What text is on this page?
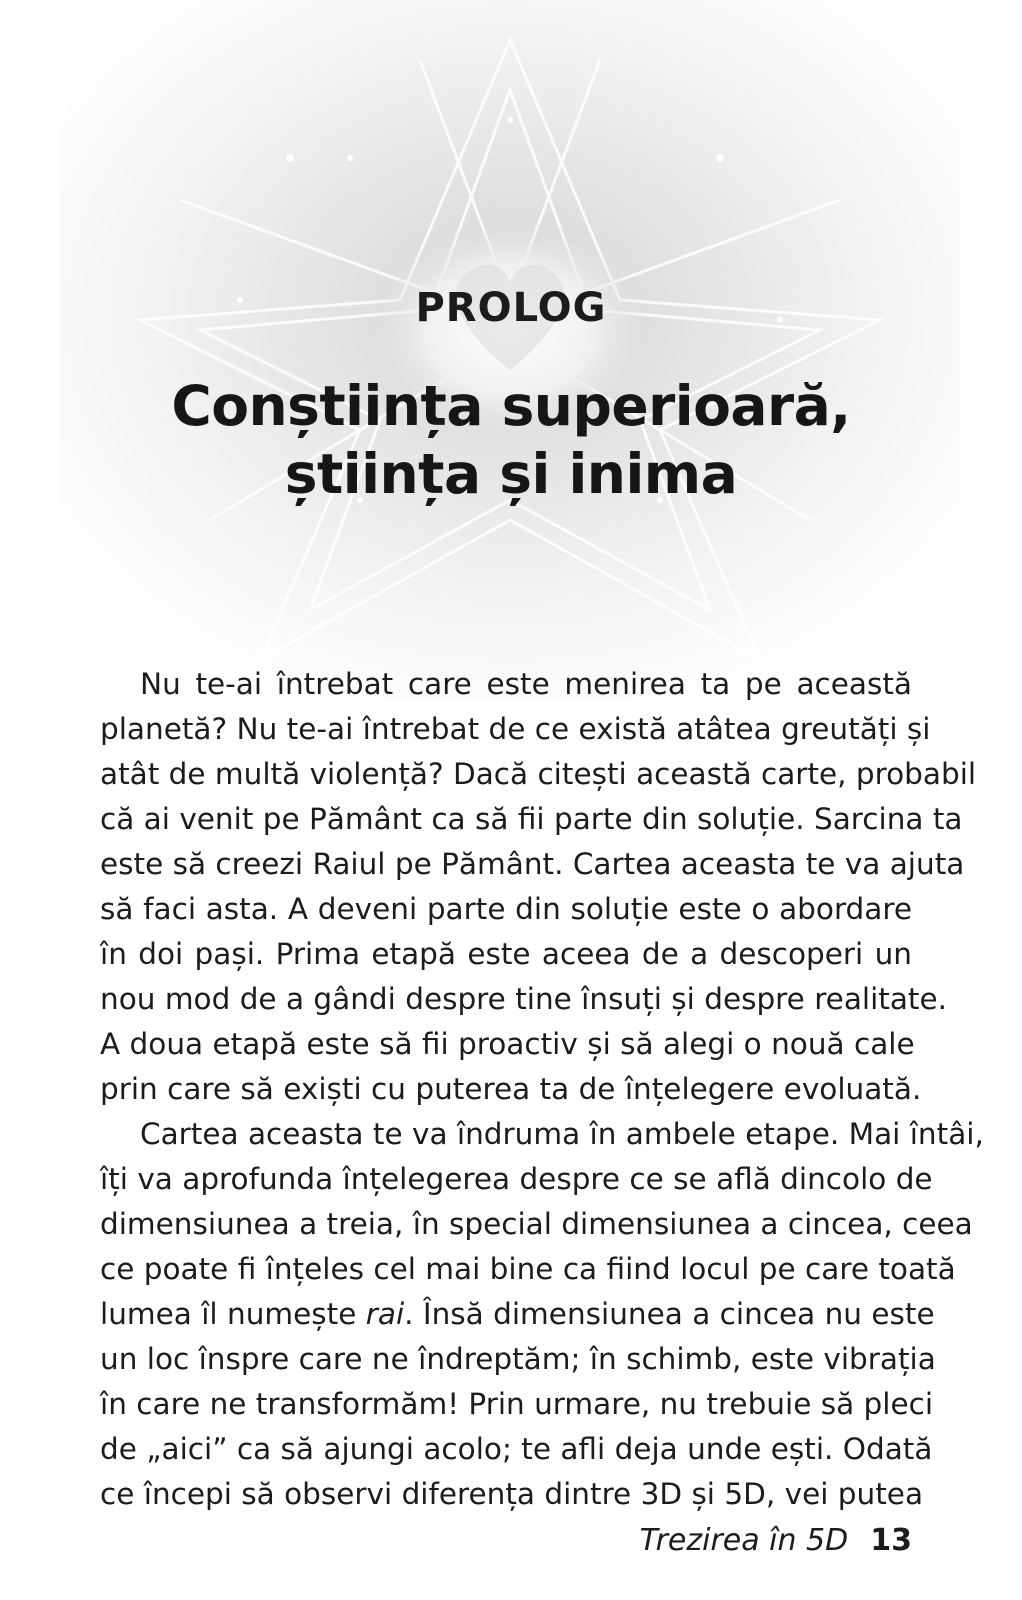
PROLOG
Conștiința superioară,
știința și inima

Nu te-ai întrebat care este menirea ta pe această
planetă? Nu te-ai întrebat de ce există atâtea greutăți și
atât de multă violență? Dacă citești această carte, probabil
că ai venit pe Pământ ca să fii parte din soluție. Sarcina ta
este să creezi Raiul pe Pământ. Cartea aceasta te va ajuta
să faci asta. A deveni parte din soluție este o abordare
în doi pași. Prima etapă este aceea de a descoperi un
nou mod de a gândi despre tine însuți și despre realitate.
A doua etapă este să fii proactiv și să alegi o nouă cale
prin care să exiști cu puterea ta de înțelegere evoluată.

Cartea aceasta te va îndruma în ambele etape. Mai întâi,
îți va aprofunda înțelegerea despre ce se află dincolo de
dimensiunea a treia, în special dimensiunea a cincea, ceea
ce poate fi înțeles cel mai bine ca fiind locul pe care toată
lumea îl numește rai. Însă dimensiunea a cincea nu este
un loc înspre care ne îndreptăm; în schimb, este vibrația
în care ne transformăm! Prin urmare, nu trebuie să pleci
de „aici” ca să ajungi acolo; te afli deja unde ești. Odată
ce începi să observi diferența dintre 3D și 5D, vei putea

Trezirea în 5D 13
